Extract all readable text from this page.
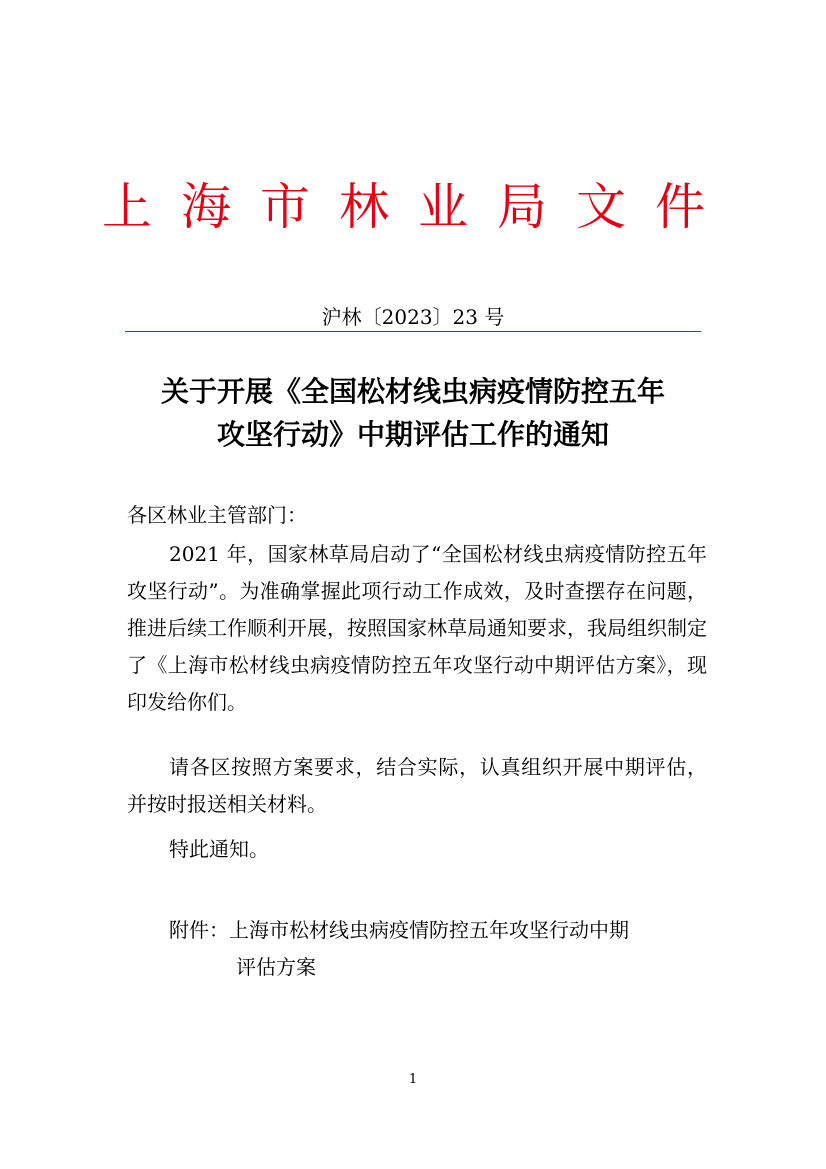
上海市林业局文件
沪林〔2023〕23 号
关于开展《全国松材线虫病疫情防控五年
攻坚行动》中期评估工作的通知
各区林业主管部门：
2021 年，国家林草局启动了“全国松材线虫病疫情防控五年攻坚行动”。为准确掌握此项行动工作成效，及时查摆存在问题，推进后续工作顺利开展，按照国家林草局通知要求，我局组织制定了《上海市松材线虫病疫情防控五年攻坚行动中期评估方案》，现印发给你们。
请各区按照方案要求，结合实际，认真组织开展中期评估，并按时报送相关材料。
特此通知。
附件：上海市松材线虫病疫情防控五年攻坚行动中期
评估方案
1
